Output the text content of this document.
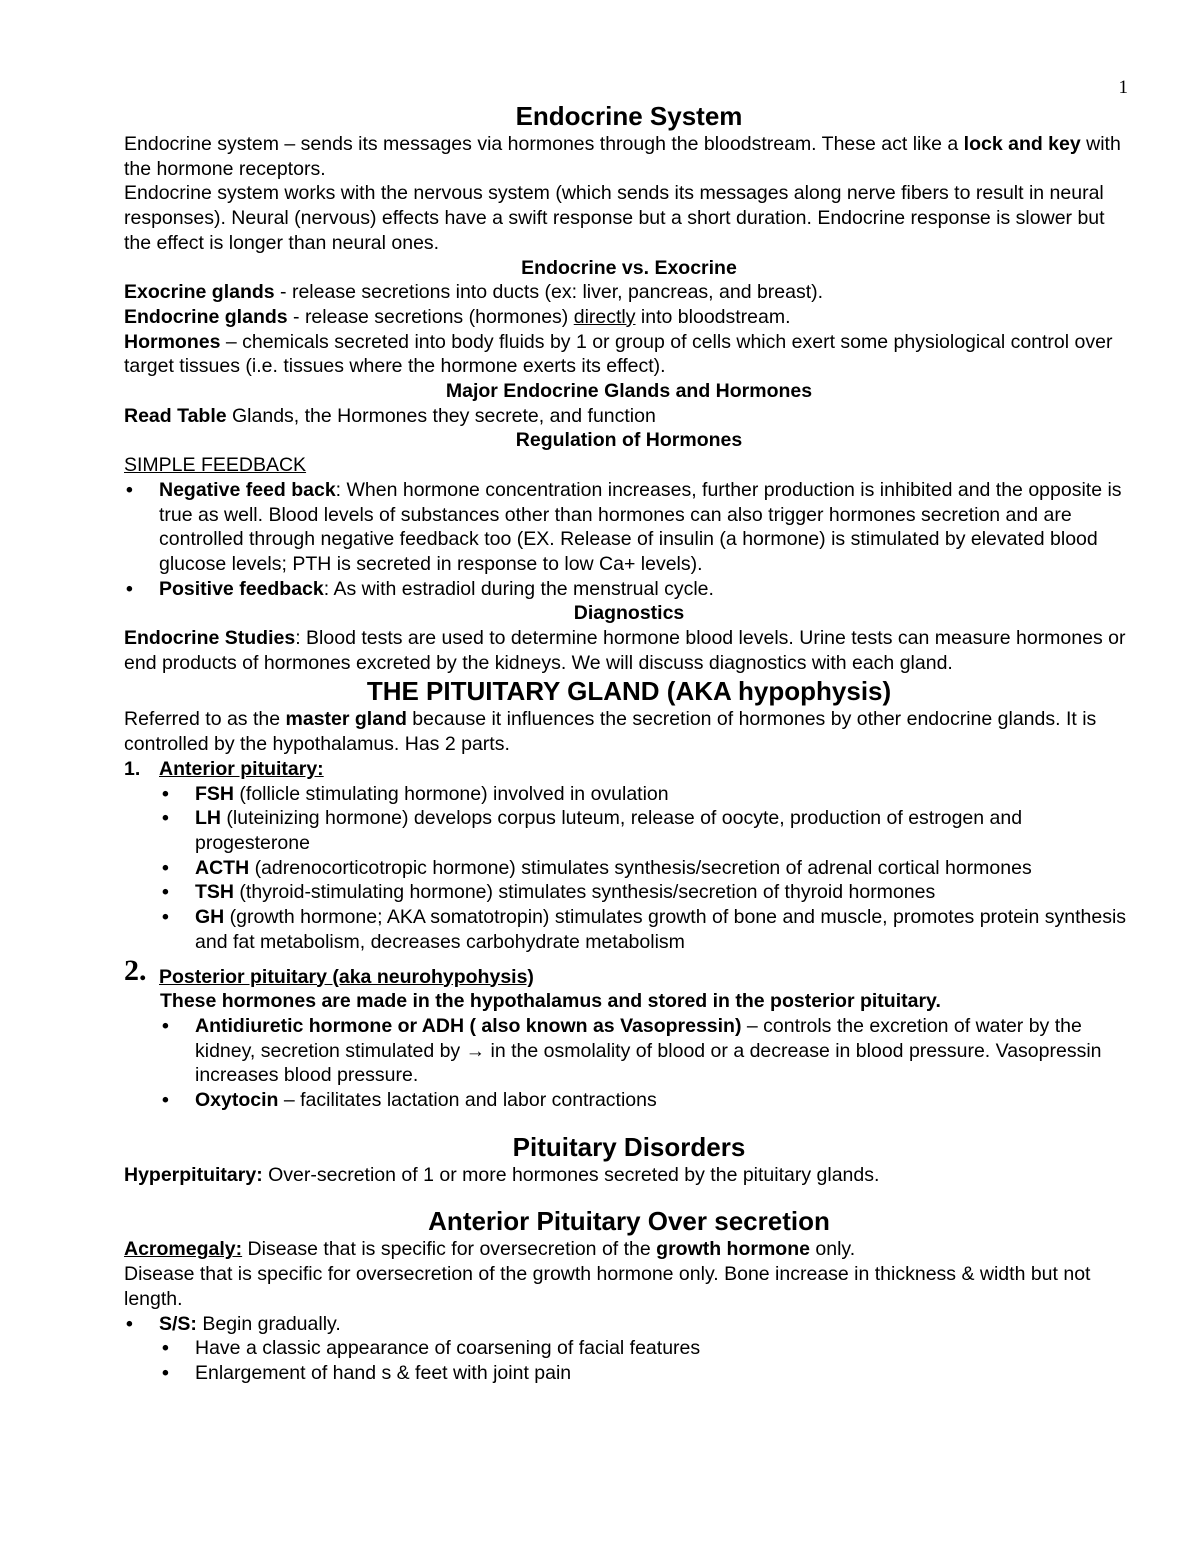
1
Endocrine System

Endocrine system – sends its messages via hormones through the bloodstream. These act like a lock and key with the hormone receptors.

Endocrine system works with the nervous system (which sends its messages along nerve fibers to result in neural responses). Neural (nervous) effects have a swift response but a short duration. Endocrine response is slower but the effect is longer than neural ones.

Endocrine vs. Exocrine

Exocrine glands - release secretions into ducts (ex: liver, pancreas, and breast).

Endocrine glands - release secretions (hormones) directly into bloodstream.

Hormones – chemicals secreted into body fluids by 1 or group of cells which exert some physiological control over target tissues (i.e. tissues where the hormone exerts its effect).

Major Endocrine Glands and Hormones

Read Table Glands, the Hormones they secrete, and function

Regulation of Hormones

SIMPLE FEEDBACK

• Negative feed back: When hormone concentration increases, further production is inhibited and the opposite is true as well. Blood levels of substances other than hormones can also trigger hormones secretion and are controlled through negative feedback too (EX. Release of insulin (a hormone) is stimulated by elevated blood glucose levels; PTH is secreted in response to low Ca+ levels).
• Positive feedback: As with estradiol during the menstrual cycle.
Diagnostics

Endocrine Studies: Blood tests are used to determine hormone blood levels. Urine tests can measure hormones or end products of hormones excreted by the kidneys. We will discuss diagnostics with each gland.

THE PITUITARY GLAND (AKA hypophysis)

Referred to as the master gland because it influences the secretion of hormones by other endocrine glands. It is controlled by the hypothalamus. Has 2 parts.

1. Anterior pituitary:
• FSH (follicle stimulating hormone) involved in ovulation
• LH (luteinizing hormone) develops corpus luteum, release of oocyte, production of estrogen and progesterone
• ACTH (adrenocorticotropic hormone) stimulates synthesis/secretion of adrenal cortical hormones
• TSH (thyroid-stimulating hormone) stimulates synthesis/secretion of thyroid hormones
• GH (growth hormone; AKA somatotropin) stimulates growth of bone and muscle, promotes protein synthesis and fat metabolism, decreases carbohydrate metabolism
2. Posterior pituitary (aka neurohypohysis)

These hormones are made in the hypothalamus and stored in the posterior pituitary.

• Antidiuretic hormone or ADH ( also known as Vasopressin) – controls the excretion of water by the kidney, secretion stimulated by → in the osmolality of blood or a decrease in blood pressure. Vasopressin increases blood pressure.
• Oxytocin – facilitates lactation and labor contractions
Pituitary Disorders

Hyperpituitary: Over-secretion of 1 or more hormones secreted by the pituitary glands.

Anterior Pituitary Over secretion

Acromegaly: Disease that is specific for oversecretion of the growth hormone only.

Disease that is specific for oversecretion of the growth hormone only. Bone increase in thickness & width but not length.

• S/S: Begin gradually.
• Have a classic appearance of coarsening of facial features
• Enlargement of hand s & feet with joint pain
